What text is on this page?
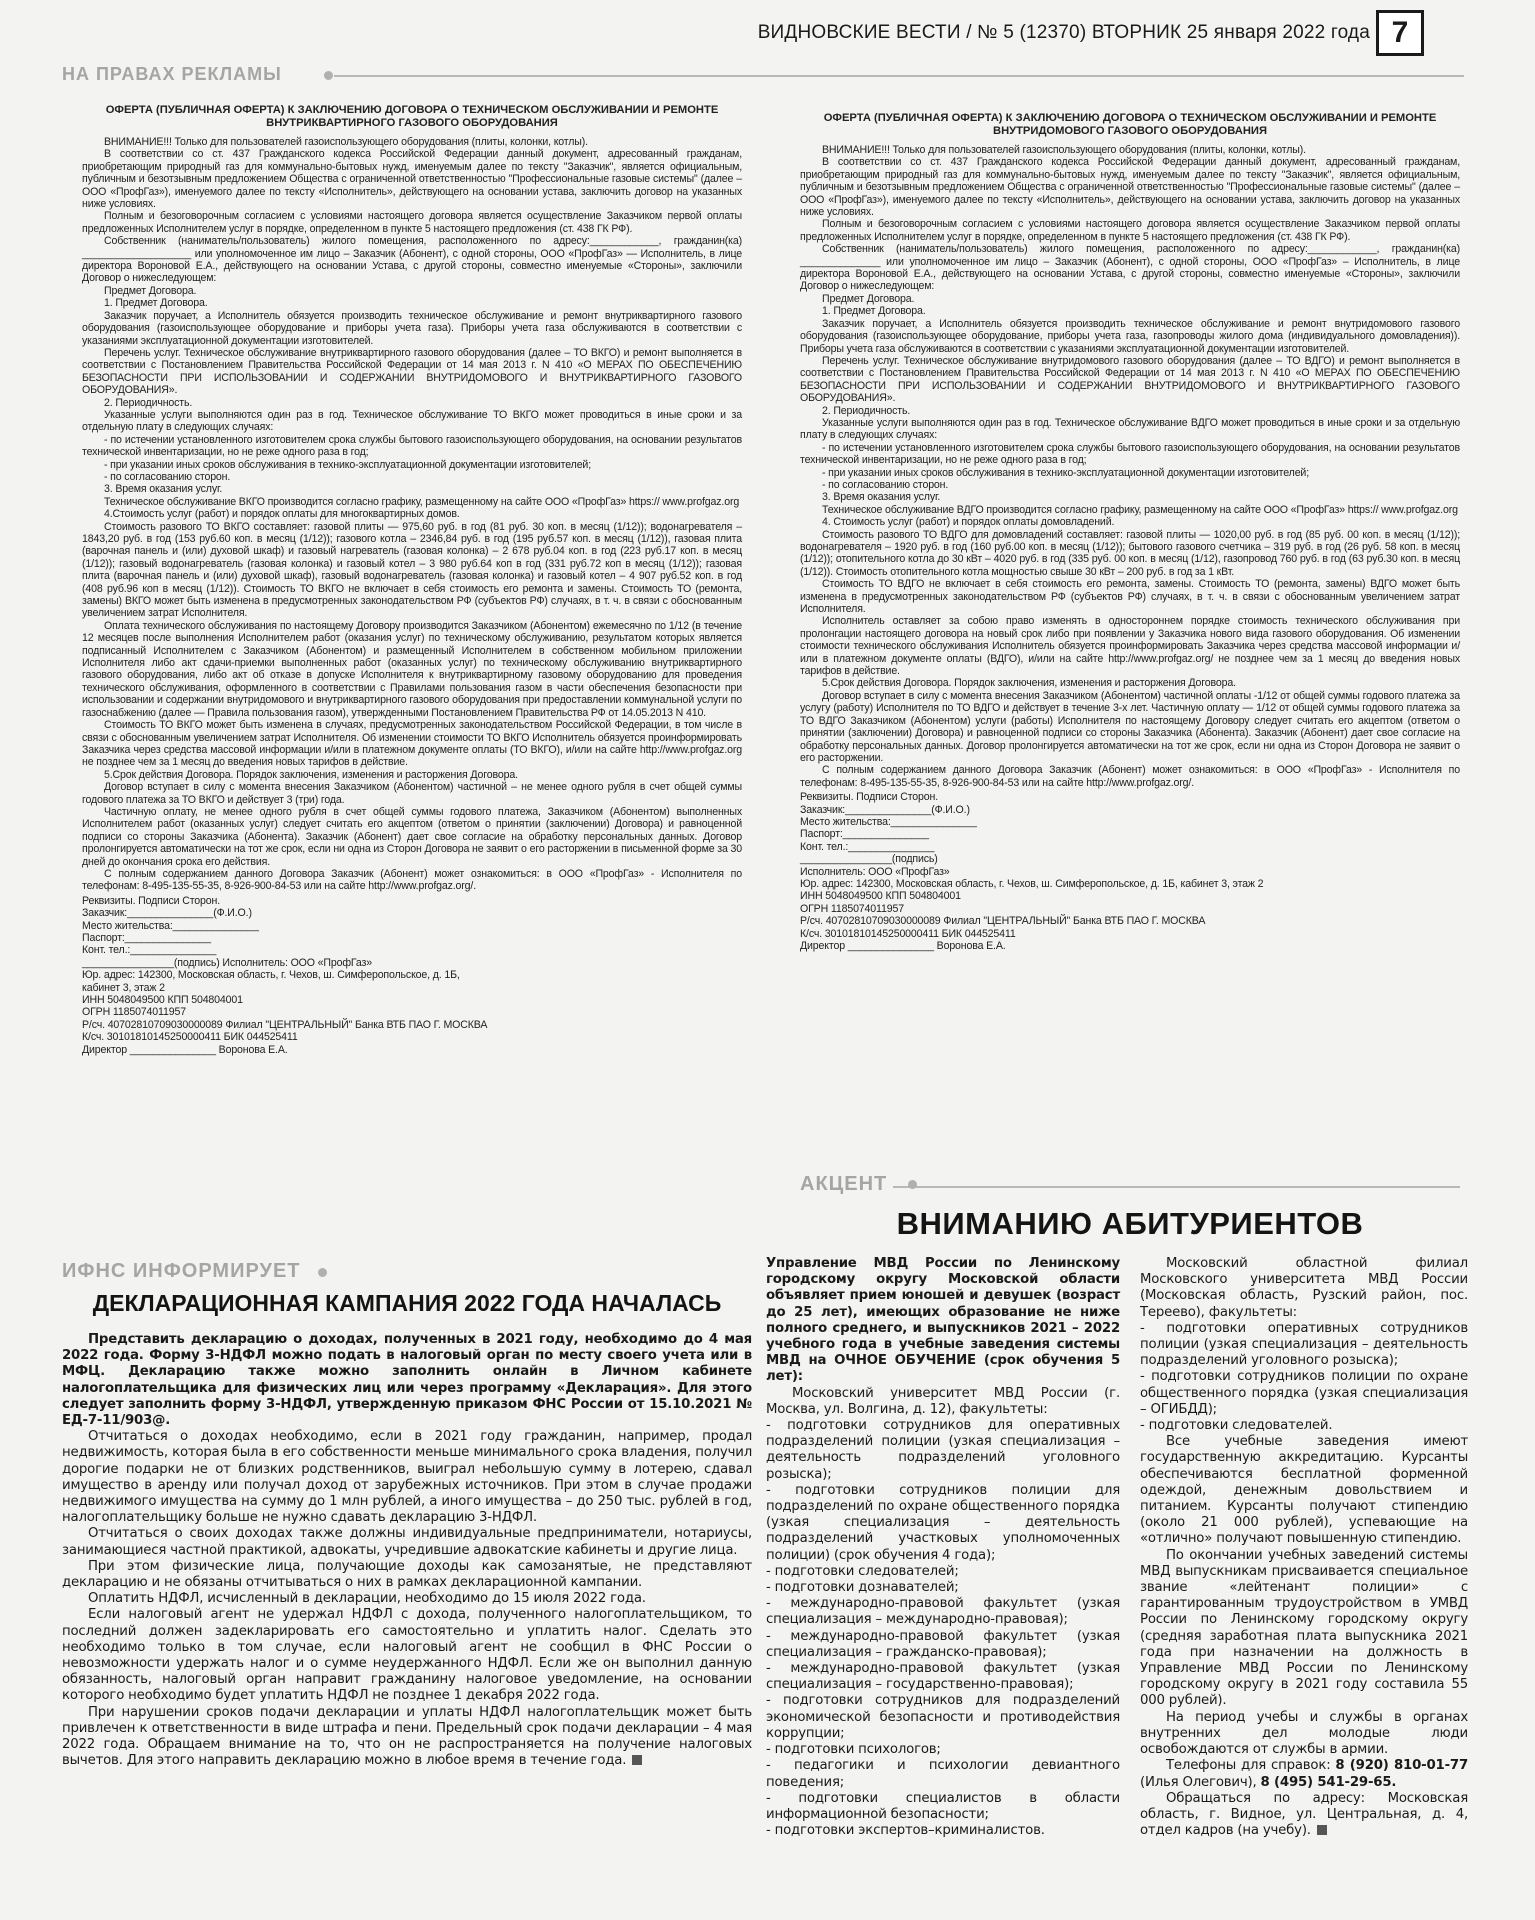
ВИДНОВСКИЕ ВЕСТИ / № 5 (12370) ВТОРНИК 25 января 2022 года 7
НА ПРАВАХ РЕКЛАМЫ
ОФЕРТА (ПУБЛИЧНАЯ ОФЕРТА) К ЗАКЛЮЧЕНИЮ ДОГОВОРА О ТЕХНИЧЕСКОМ ОБСЛУЖИВАНИИ И РЕМОНТЕ ВНУТРИКВАРТИРНОГО ГАЗОВОГО ОБОРУДОВАНИЯ

ВНИМАНИЕ!!! Только для пользователей газоиспользующего оборудования (плиты, колонки, котлы).

В соответствии со ст. 437 Гражданского кодекса Российской Федерации данный документ, адресованный гражданам, приобретающим природный газ для коммунально-бытовых нужд, именуемым далее по тексту "Заказчик", является официальным, публичным и безотзывным предложением Общества с ограниченной ответственностью "Профессиональные газовые системы" (далее – ООО «ПрофГаз»), именуемого далее по тексту «Исполнитель», действующего на основании устава, заключить договор на указанных ниже условиях.

Полным и безоговорочным согласием с условиями настоящего договора является осуществление Заказчиком первой оплаты предложенных Исполнителем услуг в порядке, определенном в пункте 5 настоящего предложения (ст. 438 ГК РФ).

Собственник (наниматель/пользователь) жилого помещения, расположенного по адресу:____________, гражданин(ка) ___________________ или уполномоченное им лицо – Заказчик (Абонент), с одной стороны, ООО «ПрофГаз» — Исполнитель, в лице директора Вороновой Е.А., действующего на основании Устава, с другой стороны, совместно именуемые «Стороны», заключили Договор о нижеследующем:

Предмет Договора.

1. Предмет Договора.

Заказчик поручает, а Исполнитель обязуется производить техническое обслуживание и ремонт внутриквартирного газового оборудования (газоиспользующее оборудование и приборы учета газа). Приборы учета газа обслуживаются в соответствии с указаниями эксплуатационной документации изготовителей.

Перечень услуг. Техническое обслуживание внутриквартирного газового оборудования (далее – ТО ВКГО) и ремонт выполняется в соответствии с Постановлением Правительства Российской Федерации от 14 мая 2013 г. N 410 «О МЕРАХ ПО ОБЕСПЕЧЕНИЮ БЕЗОПАСНОСТИ ПРИ ИСПОЛЬЗОВАНИИ И СОДЕРЖАНИИ ВНУТРИДОМОВОГО И ВНУТРИКВАРТИРНОГО ГАЗОВОГО ОБОРУДОВАНИЯ».

2. Периодичность.

Указанные услуги выполняются один раз в год. Техническое обслуживание ТО ВКГО может проводиться в иные сроки и за отдельную плату в следующих случаях:

- по истечении установленного изготовителем срока службы бытового газоиспользующего оборудования, на основании результатов технической инвентаризации, но не реже одного раза в год;

- при указании иных сроков обслуживания в технико-эксплуатационной документации изготовителей;

- по согласованию сторон.

3. Время оказания услуг.

Техническое обслуживание ВКГО производится согласно графику, размещенному на сайте ООО «ПрофГаз» https:// www.profgaz.org

4.Стоимость услуг (работ) и порядок оплаты для многоквартирных домов.

Стоимость разового ТО ВКГО составляет: газовой плиты — 975,60 руб. в год (81 руб. 30 коп. в месяц (1/12)); водонагревателя – 1843,20 руб. в год (153 руб.60 коп. в месяц (1/12)); газового котла – 2346,84 руб. в год (195 руб.57 коп. в месяц (1/12)), газовая плита (варочная панель и (или) духовой шкаф) и газовый нагреватель (газовая колонка) – 2 678 руб.04 коп. в год (223 руб.17 коп. в месяц (1/12)); газовый водонагреватель (газовая колонка) и газовый котел – 3 980 руб.64 коп в год (331 руб.72 коп в месяц (1/12)); газовая плита (варочная панель и (или) духовой шкаф), газовый водонагреватель (газовая колонка) и газовый котел – 4 907 руб.52 коп. в год (408 руб.96 коп в месяц (1/12)). Стоимость ТО ВКГО не включает в себя стоимость его ремонта и замены. Стоимость ТО (ремонта, замены) ВКГО может быть изменена в предусмотренных законодательством РФ (субъектов РФ) случаях, в т. ч. в связи с обоснованным увеличением затрат Исполнителя.

Оплата технического обслуживания по настоящему Договору производится Заказчиком (Абонентом) ежемесячно по 1/12 (в течение 12 месяцев после выполнения Исполнителем работ (оказания услуг) по техническому обслуживанию, результатом которых является подписанный Исполнителем с Заказчиком (Абонентом) и размещенный Исполнителем в собственном мобильном приложении Исполнителя либо акт сдачи-приемки выполненных работ (оказанных услуг) по техническому обслуживанию внутриквартирного газового оборудования, либо акт об отказе в допуске Исполнителя к внутриквартирному газовому оборудованию для проведения технического обслуживания, оформленного в соответствии с Правилами пользования газом в части обеспечения безопасности при использовании и содержании внутридомового и внутриквартирного газового оборудования при предоставлении коммунальной услуги по газоснабжению (далее — Правила пользования газом), утвержденными Постановлением Правительства РФ от 14.05.2013 N 410.

Стоимость ТО ВКГО может быть изменена в случаях, предусмотренных законодательством Российской Федерации, в том числе в связи с обоснованным увеличением затрат Исполнителя. Об изменении стоимости ТО ВКГО Исполнитель обязуется проинформировать Заказчика через средства массовой информации и/или в платежном документе оплаты (ТО ВКГО), и/или на сайте http://www.profgaz.org не позднее чем за 1 месяц до введения новых тарифов в действие.

5.Срок действия Договора. Порядок заключения, изменения и расторжения Договора.

Договор вступает в силу с момента внесения Заказчиком (Абонентом) частичной – не менее одного рубля в счет общей суммы годового платежа за ТО ВКГО и действует 3 (три) года.

Частичную оплату, не менее одного рубля в счет общей суммы годового платежа, Заказчиком (Абонентом) выполненных Исполнителем работ (оказанных услуг) следует считать его акцептом (ответом о принятии (заключении) Договора) и равноценной подписи со стороны Заказчика (Абонента). Заказчик (Абонент) дает свое согласие на обработку персональных данных. Договор пролонгируется автоматически на тот же срок, если ни одна из Сторон Договора не заявит о его расторжении в письменной форме за 30 дней до окончания срока его действия.

С полным содержанием данного Договора Заказчик (Абонент) может ознакомиться: в ООО «ПрофГаз» - Исполнителя по телефонам: 8-495-135-55-35, 8-926-900-84-53 или на сайте http://www.profgaz.org/.

Реквизиты. Подписи Сторон.

Заказчик:_______________(Ф.И.О.)

Место жительства:_______________

Паспорт:_______________

Конт. тел.:_______________

________________(подпись) Исполнитель: ООО «ПрофГаз»

Юр. адрес: 142300, Московская область, г. Чехов, ш. Симферопольское, д. 1Б,

кабинет 3, этаж 2

ИНН 5048049500 КПП 504804001

ОГРН 1185074011957

Р/сч. 40702810709030000089 Филиал "ЦЕНТРАЛЬНЫЙ" Банка ВТБ ПАО Г. МОСКВА

К/сч. 30101810145250000411 БИК 044525411

Директор _______________ Воронова Е.А.

ОФЕРТА (ПУБЛИЧНАЯ ОФЕРТА) К ЗАКЛЮЧЕНИЮ ДОГОВОРА О ТЕХНИЧЕСКОМ ОБСЛУЖИВАНИИ И РЕМОНТЕ ВНУТРИДОМОВОГО ГАЗОВОГО ОБОРУДОВАНИЯ

ВНИМАНИЕ!!! Только для пользователей газоиспользующего оборудования (плиты, колонки, котлы).

В соответствии со ст. 437 Гражданского кодекса Российской Федерации данный документ, адресованный гражданам, приобретающим природный газ для коммунально-бытовых нужд, именуемым далее по тексту "Заказчик", является официальным, публичным и безотзывным предложением Общества с ограниченной ответственностью "Профессиональные газовые системы" (далее – ООО «ПрофГаз»), именуемого далее по тексту «Исполнитель», действующего на основании устава, заключить договор на указанных ниже условиях.

Полным и безоговорочным согласием с условиями настоящего договора является осуществление Заказчиком первой оплаты предложенных Исполнителем услуг в порядке, определенном в пункте 5 настоящего предложения (ст. 438 ГК РФ).

Собственник (наниматель/пользователь) жилого помещения, расположенного по адресу:____________, гражданин(ка) ______________ или уполномоченное им лицо – Заказчик (Абонент), с одной стороны, ООО «ПрофГаз» – Исполнитель, в лице директора Вороновой Е.А., действующего на основании Устава, с другой стороны, совместно именуемые «Стороны», заключили Договор о нижеследующем:

Предмет Договора.

1. Предмет Договора.

Заказчик поручает, а Исполнитель обязуется производить техническое обслуживание и ремонт внутридомового газового оборудования (газоиспользующее оборудование, приборы учета газа, газопроводы жилого дома (индивидуального домовладения)). Приборы учета газа обслуживаются в соответствии с указаниями эксплуатационной документации изготовителей.

Перечень услуг. Техническое обслуживание внутридомового газового оборудования (далее – ТО ВДГО) и ремонт выполняется в соответствии с Постановлением Правительства Российской Федерации от 14 мая 2013 г. N 410 «О МЕРАХ ПО ОБЕСПЕЧЕНИЮ БЕЗОПАСНОСТИ ПРИ ИСПОЛЬЗОВАНИИ И СОДЕРЖАНИИ ВНУТРИДОМОВОГО И ВНУТРИКВАРТИРНОГО ГАЗОВОГО ОБОРУДОВАНИЯ».

2. Периодичность.

Указанные услуги выполняются один раз в год. Техническое обслуживание ВДГО может проводиться в иные сроки и за отдельную плату в следующих случаях:

- по истечении установленного изготовителем срока службы бытового газоиспользующего оборудования, на основании результатов технической инвентаризации, но не реже одного раза в год;

- при указании иных сроков обслуживания в технико-эксплуатационной документации изготовителей;

- по согласованию сторон.

3. Время оказания услуг.

Техническое обслуживание ВДГО производится согласно графику, размещенному на сайте ООО «ПрофГаз» https:// www.profgaz.org

4. Стоимость услуг (работ) и порядок оплаты домовладений.

Стоимость разового ТО ВДГО для домовладений составляет: газовой плиты — 1020,00 руб. в год (85 руб. 00 коп. в месяц (1/12)); водонагревателя – 1920 руб. в год (160 руб.00 коп. в месяц (1/12)); бытового газового счетчика – 319 руб. в год (26 руб. 58 коп. в месяц (1/12)); отопительного котла до 30 кВт – 4020 руб. в год (335 руб. 00 коп. в месяц (1/12), газопровод 760 руб. в год (63 руб.30 коп. в месяц (1/12)). Стоимость отопительного котла мощностью свыше 30 кВт – 200 руб. в год за 1 кВт.

Стоимость ТО ВДГО не включает в себя стоимость его ремонта, замены. Стоимость ТО (ремонта, замены) ВДГО может быть изменена в предусмотренных законодательством РФ (субъектов РФ) случаях, в т. ч. в связи с обоснованным увеличением затрат Исполнителя.

Исполнитель оставляет за собою право изменять в одностороннем порядке стоимость технического обслуживания при пролонгации настоящего договора на новый срок либо при появлении у Заказчика нового вида газового оборудования. Об изменении стоимости технического обслуживания Исполнитель обязуется проинформировать Заказчика через средства массовой информации и/или в платежном документе оплаты (ВДГО), и/или на сайте http://www.profgaz.org/ не позднее чем за 1 месяц до введения новых тарифов в действие.

5.Срок действия Договора. Порядок заключения, изменения и расторжения Договора.

Договор вступает в силу с момента внесения Заказчиком (Абонентом) частичной оплаты -1/12 от общей суммы годового платежа за услугу (работу) Исполнителя по ТО ВДГО и действует в течение 3-х лет. Частичную оплату — 1/12 от общей суммы годового платежа за ТО ВДГО Заказчиком (Абонентом) услуги (работы) Исполнителя по настоящему Договору следует считать его акцептом (ответом о принятии (заключении) Договора) и равноценной подписи со стороны Заказчика (Абонента). Заказчик (Абонент) дает свое согласие на обработку персональных данных. Договор пролонгируется автоматически на тот же срок, если ни одна из Сторон Договора не заявит о его расторжении.

С полным содержанием данного Договора Заказчик (Абонент) может ознакомиться: в ООО «ПрофГаз» - Исполнителя по телефонам: 8-495-135-55-35, 8-926-900-84-53 или на сайте http://www.profgaz.org/.

Реквизиты. Подписи Сторон.

Заказчик:_______________(Ф.И.О.)

Место жительства:_______________

Паспорт:_______________

Конт. тел.:_______________

________________(подпись)

Исполнитель: ООО «ПрофГаз»

Юр. адрес: 142300, Московская область, г. Чехов, ш. Симферопольское, д. 1Б, кабинет 3, этаж 2

ИНН 5048049500 КПП 504804001

ОГРН 1185074011957

Р/сч. 40702810709030000089 Филиал "ЦЕНТРАЛЬНЫЙ" Банка ВТБ ПАО Г. МОСКВА

К/сч. 30101810145250000411 БИК 044525411

Директор _______________ Воронова Е.А.

ИФНС ИНФОРМИРУЕТ
ДЕКЛАРАЦИОННАЯ КАМПАНИЯ 2022 ГОДА НАЧАЛАСЬ

Представить декларацию о доходах, полученных в 2021 году, необходимо до 4 мая 2022 года. Форму 3-НДФЛ можно подать в налоговый орган по месту своего учета или в МФЦ. Декларацию также можно заполнить онлайн в Личном кабинете налогоплательщика для физических лиц или через программу «Декларация». Для этого следует заполнить форму 3-НДФЛ, утвержденную приказом ФНС России от 15.10.2021 № ЕД-7-11/903@.

Отчитаться о доходах необходимо, если в 2021 году гражданин, например, продал недвижимость, которая была в его собственности меньше минимального срока владения, получил дорогие подарки не от близких родственников, выиграл небольшую сумму в лотерею, сдавал имущество в аренду или получал доход от зарубежных источников. При этом в случае продажи недвижимого имущества на сумму до 1 млн рублей, а иного имущества – до 250 тыс. рублей в год, налогоплательщику больше не нужно сдавать декларацию 3-НДФЛ.

Отчитаться о своих доходах также должны индивидуальные предприниматели, нотариусы, занимающиеся частной практикой, адвокаты, учредившие адвокатские кабинеты и другие лица.

При этом физические лица, получающие доходы как самозанятые, не представляют декларацию и не обязаны отчитываться о них в рамках декларационной кампании.

Оплатить НДФЛ, исчисленный в декларации, необходимо до 15 июля 2022 года.

Если налоговый агент не удержал НДФЛ с дохода, полученного налогоплательщиком, то последний должен задекларировать его самостоятельно и уплатить налог. Сделать это необходимо только в том случае, если налоговый агент не сообщил в ФНС России о невозможности удержать налог и о сумме неудержанного НДФЛ. Если же он выполнил данную обязанность, налоговый орган направит гражданину налоговое уведомление, на основании которого необходимо будет уплатить НДФЛ не позднее 1 декабря 2022 года.

При нарушении сроков подачи декларации и уплаты НДФЛ налогоплательщик может быть привлечен к ответственности в виде штрафа и пени. Предельный срок подачи декларации – 4 мая 2022 года. Обращаем внимание на то, что он не распространяется на получение налоговых вычетов. Для этого направить декларацию можно в любое время в течение года.

АКЦЕНТ
ВНИМАНИЮ АБИТУРИЕНТОВ

Управление МВД России по Ленинскому городскому округу Московской области объявляет прием юношей и девушек (возраст до 25 лет), имеющих образование не ниже полного среднего, и выпускников 2021 – 2022 учебного года в учебные заведения системы МВД на ОЧНОЕ ОБУЧЕНИЕ (срок обучения 5 лет):

Московский университет МВД России (г. Москва, ул. Волгина, д. 12), факультеты:

- подготовки сотрудников для оперативных подразделений полиции (узкая специализация – деятельность подразделений уголовного розыска);

- подготовки сотрудников полиции для подразделений по охране общественного порядка (узкая специализация – деятельность подразделений участковых уполномоченных полиции) (срок обучения 4 года);

- подготовки следователей;

- подготовки дознавателей;

- международно-правовой факультет (узкая специализация – международно-правовая);

- международно-правовой факультет (узкая специализация – гражданско-правовая);

- международно-правовой факультет (узкая специализация – государственно-правовая);

- подготовки сотрудников для подразделений экономической безопасности и противодействия коррупции;

- подготовки психологов;

- педагогики и психологии девиантного поведения;

- подготовки специалистов в области информационной безопасности;

- подготовки экспертов–криминалистов.

Московский областной филиал Московского университета МВД России (Московская область, Рузский район, пос. Тереево), факультеты:

- подготовки оперативных сотрудников полиции (узкая специализация – деятельность подразделений уголовного розыска);

- подготовки сотрудников полиции по охране общественного порядка (узкая специализация – ОГИБДД);

- подготовки следователей.

Все учебные заведения имеют государственную аккредитацию. Курсанты обеспечиваются бесплатной форменной одеждой, денежным довольствием и питанием. Курсанты получают стипендию (около 21 000 рублей), успевающие на «отлично» получают повышенную стипендию.

По окончании учебных заведений системы МВД выпускникам присваивается специальное звание «лейтенант полиции» с гарантированным трудоустройством в УМВД России по Ленинскому городскому округу (средняя заработная плата выпускника 2021 года при назначении на должность в Управление МВД России по Ленинскому городскому округу в 2021 году составила 55 000 рублей).

На период учебы и службы в органах внутренних дел молодые люди освобождаются от службы в армии.

Телефоны для справок: 8 (920) 810-01-77 (Илья Олегович), 8 (495) 541-29-65.

Обращаться по адресу: Московская область, г. Видное, ул. Центральная, д. 4, отдел кадров (на учебу).
